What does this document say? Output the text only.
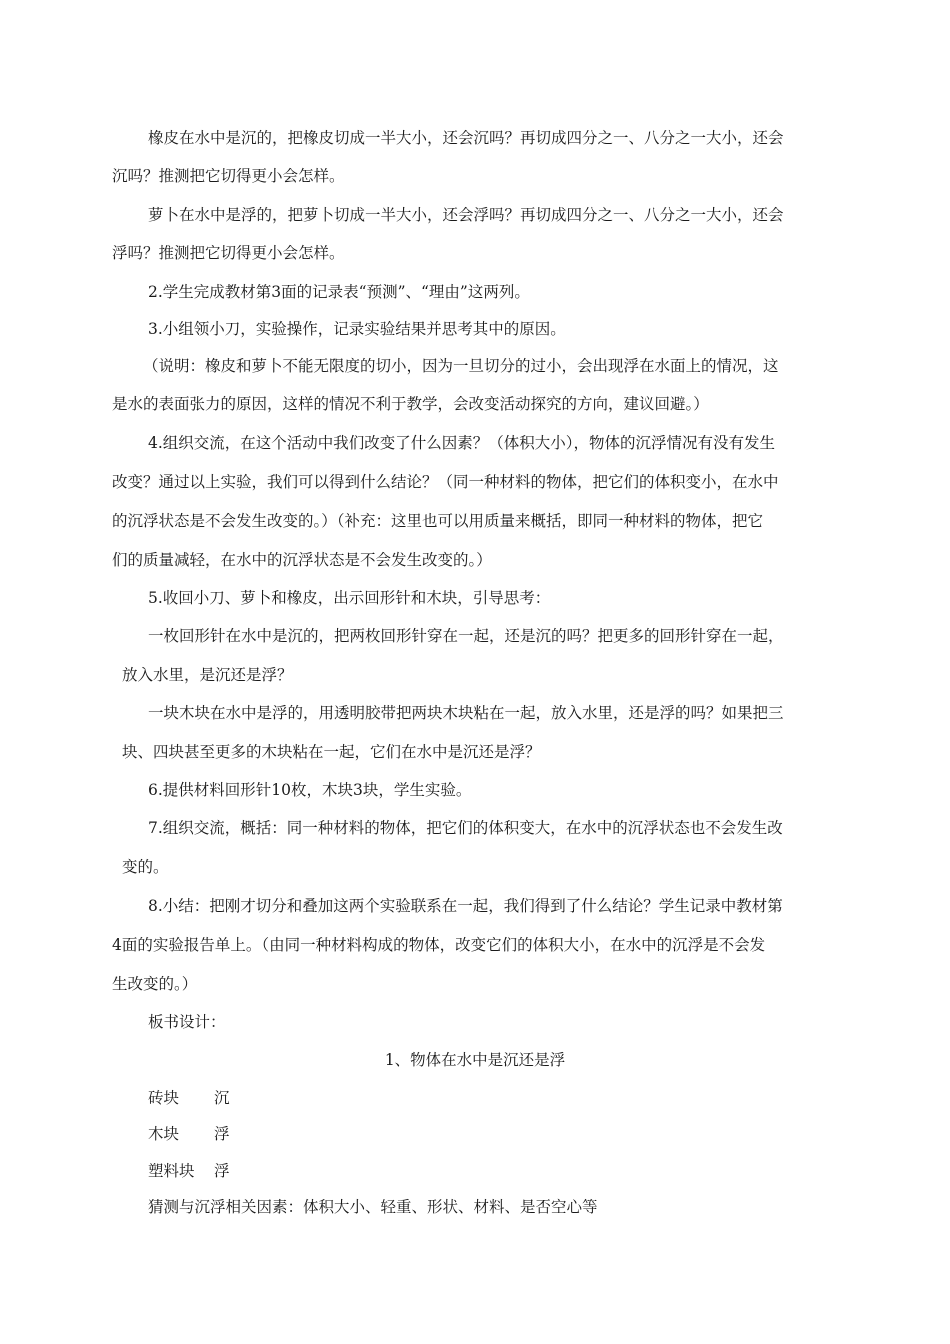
橡皮在水中是沉的，把橡皮切成一半大小，还会沉吗？再切成四分之一、八分之一大小，还会
沉吗？推测把它切得更小会怎样。
萝卜在水中是浮的，把萝卜切成一半大小，还会浮吗？再切成四分之一、八分之一大小，还会
浮吗？推测把它切得更小会怎样。
2.学生完成教材第3面的记录表“预测”、“理由”这两列。
3.小组领小刀，实验操作，记录实验结果并思考其中的原因。
（说明：橡皮和萝卜不能无限度的切小，因为一旦切分的过小，会出现浮在水面上的情况，这
是水的表面张力的原因，这样的情况不利于教学，会改变活动探究的方向，建议回避。）
4.组织交流，在这个活动中我们改变了什么因素？（体积大小），物体的沉浮情况有没有发生
改变？通过以上实验，我们可以得到什么结论？（同一种材料的物体，把它们的体积变小，在水中
的沉浮状态是不会发生改变的。）（补充：这里也可以用质量来概括，即同一种材料的物体，把它
们的质量减轻，在水中的沉浮状态是不会发生改变的。）
5.收回小刀、萝卜和橡皮，出示回形针和木块，引导思考：
一枚回形针在水中是沉的，把两枚回形针穿在一起，还是沉的吗？把更多的回形针穿在一起，
放入水里，是沉还是浮？
一块木块在水中是浮的，用透明胶带把两块木块粘在一起，放入水里，还是浮的吗？如果把三
块、四块甚至更多的木块粘在一起，它们在水中是沉还是浮？
6.提供材料回形针10枚，木块3块，学生实验。
7.组织交流，概括：同一种材料的物体，把它们的体积变大，在水中的沉浮状态也不会发生改
变的。
8.小结：把刚才切分和叠加这两个实验联系在一起，我们得到了什么结论？学生记录中教材第
4面的实验报告单上。（由同一种材料构成的物体，改变它们的体积大小，在水中的沉浮是不会发
生改变的。）
板书设计：
1、物体在水中是沉还是浮
砖块 沉
木块 浮
塑料块 浮
猜测与沉浮相关因素：体积大小、轻重、形状、材料、是否空心等
